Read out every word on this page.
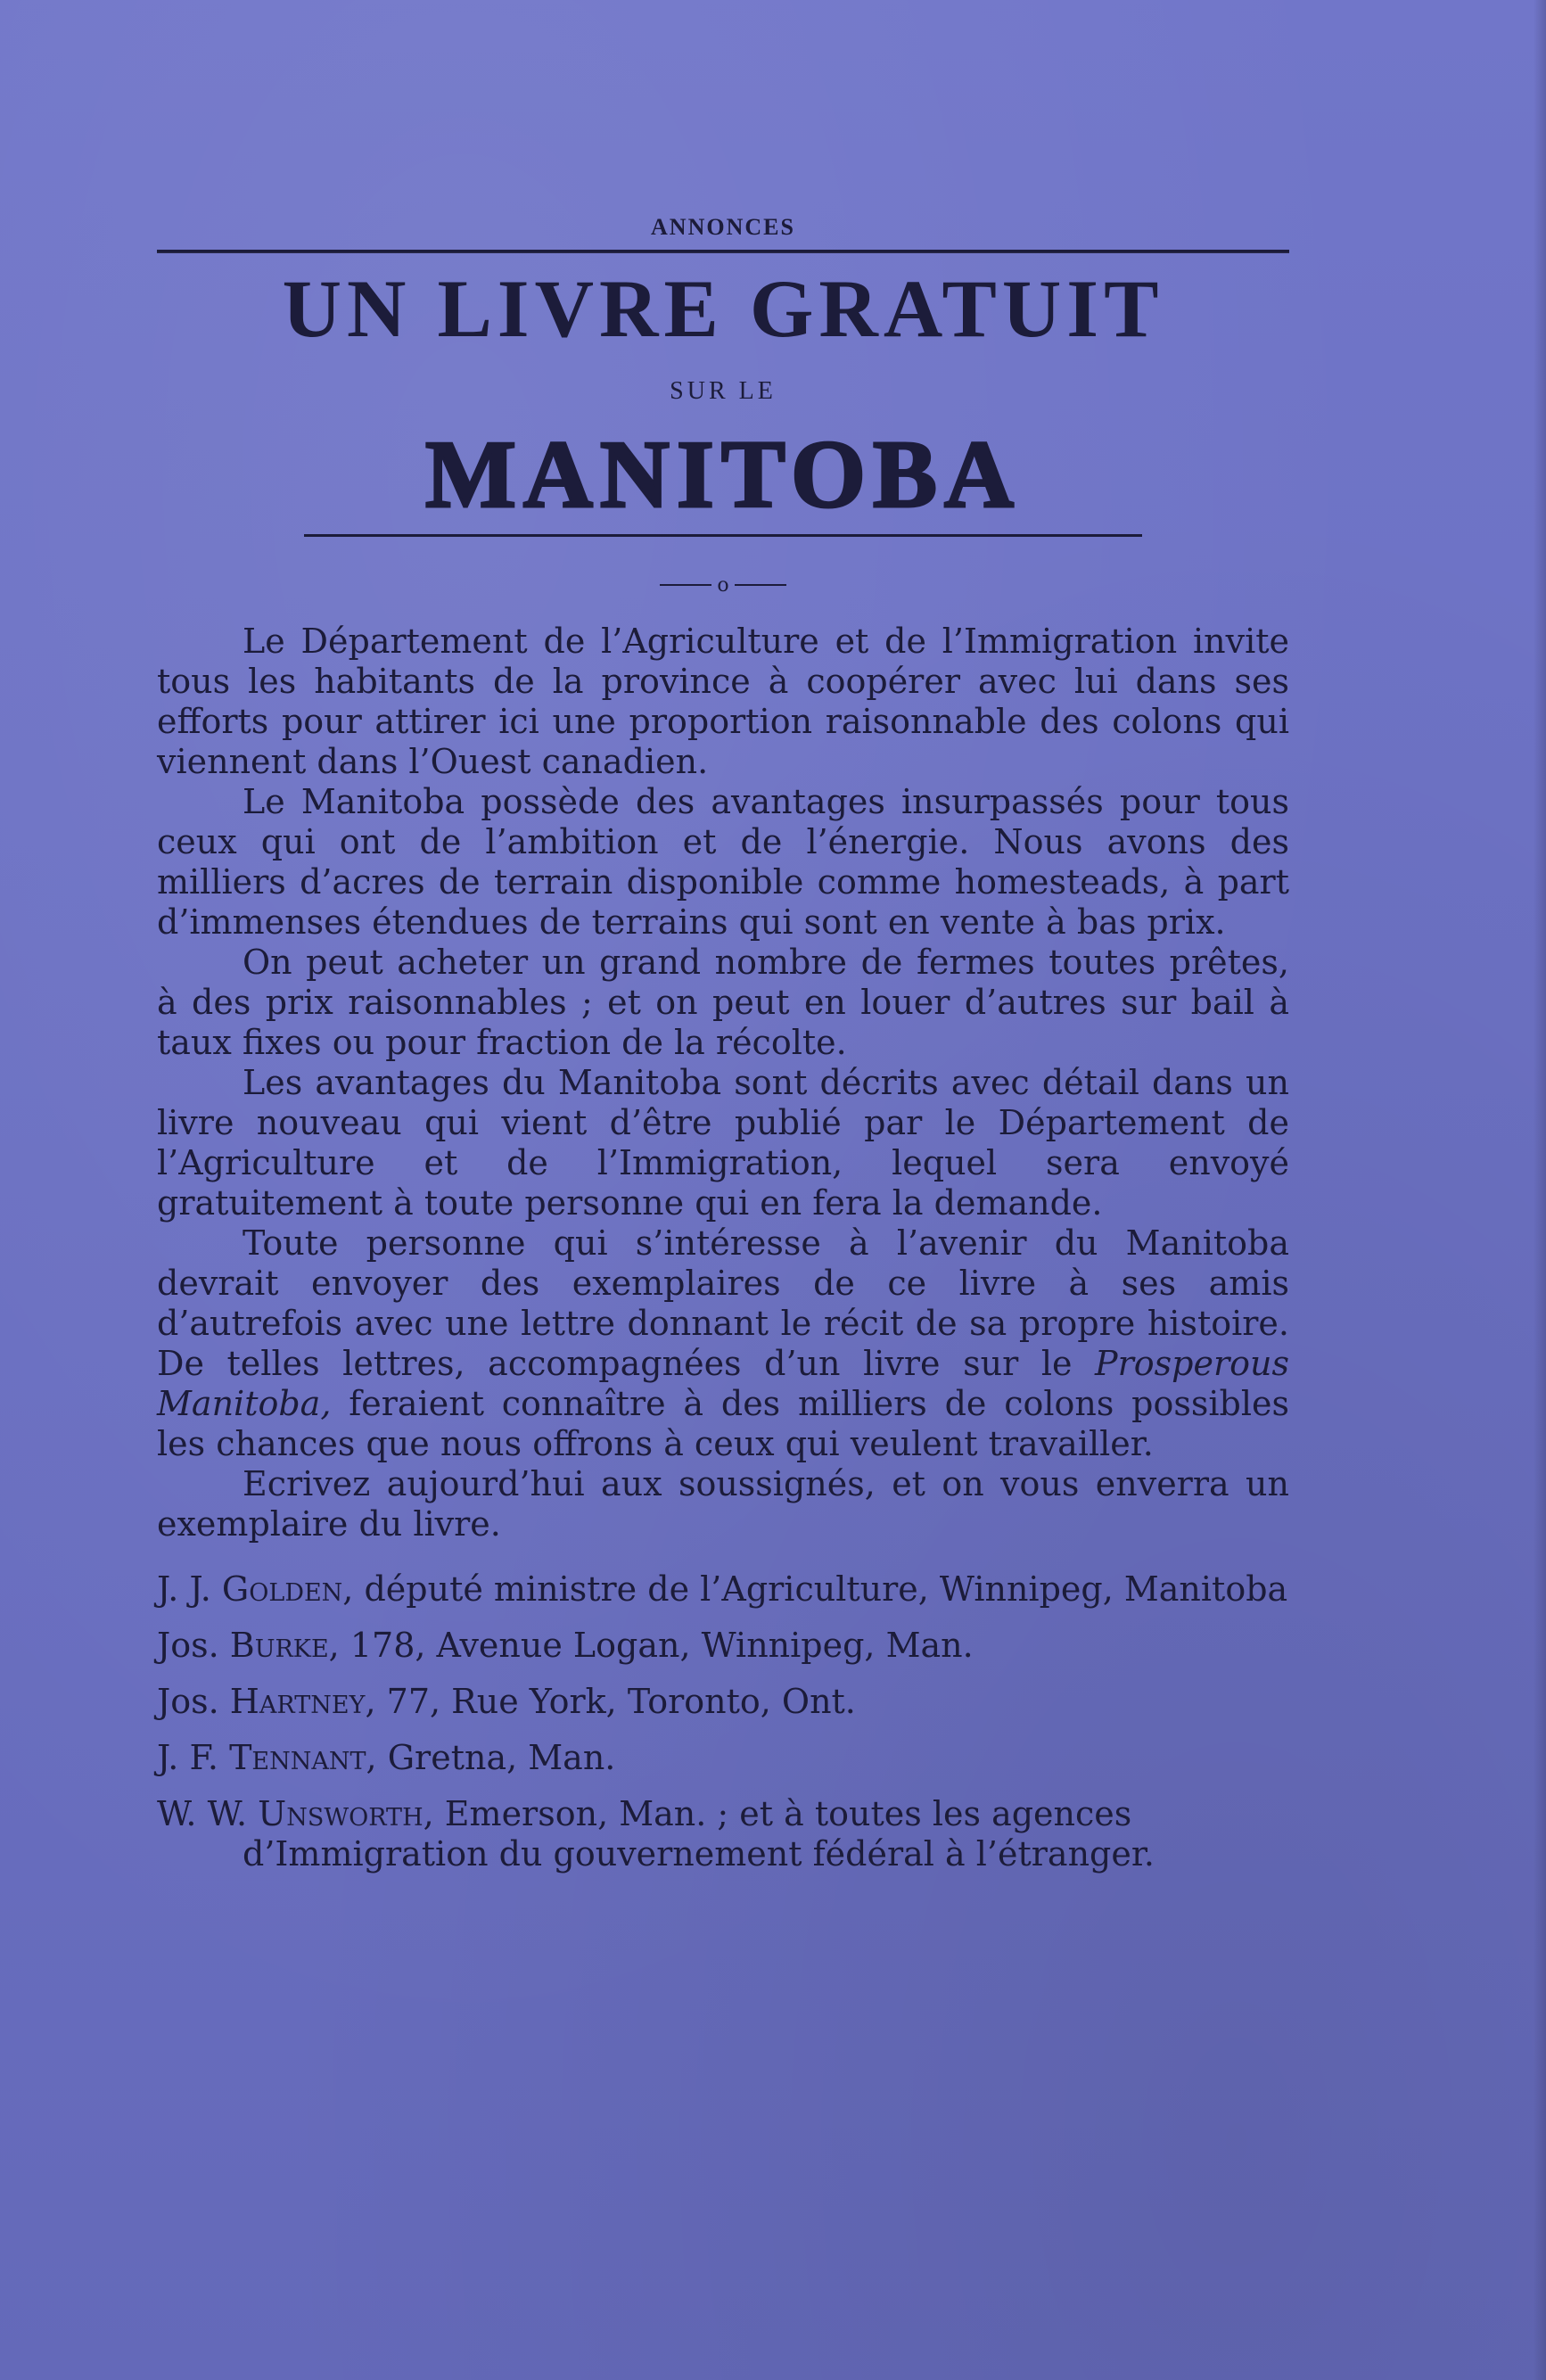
ANNONCES
UN LIVRE GRATUIT
SUR LE
MANITOBA
o

Le Département de l’Agriculture et de l’Immigration invite tous les habitants de la province à coopérer avec lui dans ses efforts pour attirer ici une proportion raisonnable des colons qui viennent dans l’Ouest canadien.

Le Manitoba possède des avantages insurpassés pour tous ceux qui ont de l’ambition et de l’énergie. Nous avons des milliers d’acres de terrain disponible comme homesteads, à part d’immenses étendues de terrains qui sont en vente à bas prix.

On peut acheter un grand nombre de fermes toutes prêtes, à des prix raisonnables ; et on peut en louer d’autres sur bail à taux fixes ou pour fraction de la récolte.

Les avantages du Manitoba sont décrits avec détail dans un livre nouveau qui vient d’être publié par le Département de l’Agriculture et de l’Immigration, lequel sera envoyé gratuitement à toute personne qui en fera la demande.

Toute personne qui s’intéresse à l’avenir du Manitoba devrait envoyer des exemplaires de ce livre à ses amis d’autrefois avec une lettre donnant le récit de sa propre histoire. De telles lettres, accompagnées d’un livre sur le Prosperous Manitoba, feraient connaître à des milliers de colons possibles les chances que nous offrons à ceux qui veulent travailler.

Ecrivez aujourd’hui aux soussignés, et on vous enverra un exemplaire du livre.

J. J. Golden, député ministre de l’Agriculture, Winnipeg, Manitoba
Jos. Burke, 178, Avenue Logan, Winnipeg, Man.
Jos. Hartney, 77, Rue York, Toronto, Ont.
J. F. Tennant, Gretna, Man.
W. W. Unsworth, Emerson, Man. ; et à toutes les agences d’Immigration du gouvernement fédéral à l’étranger.
